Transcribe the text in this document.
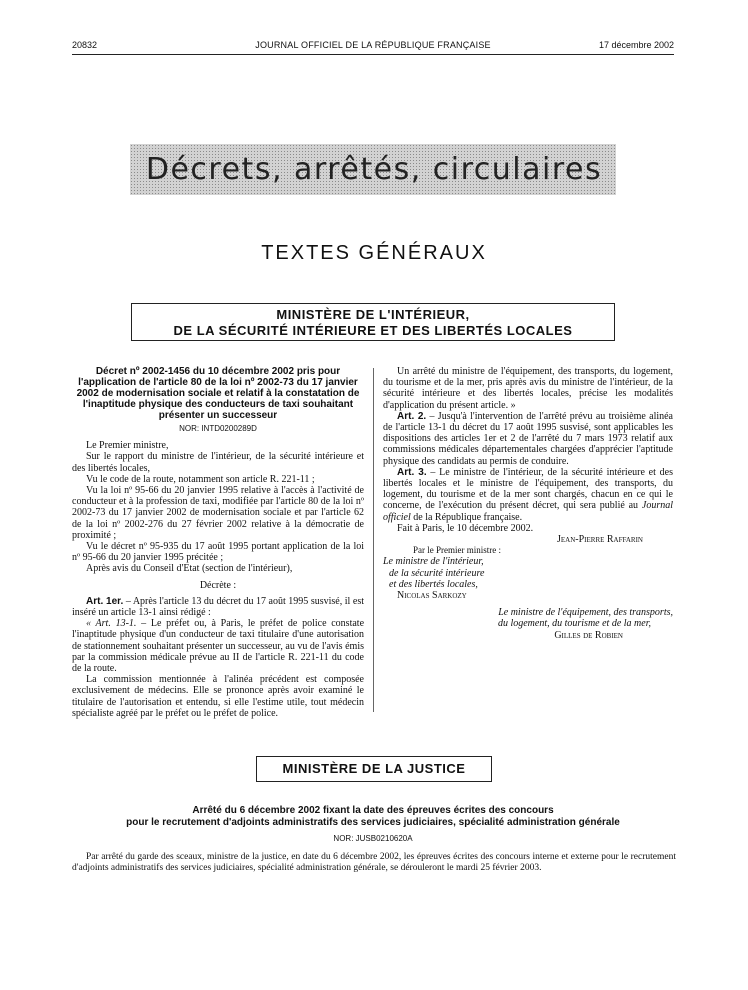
20832	JOURNAL OFFICIEL DE LA RÉPUBLIQUE FRANÇAISE	17 décembre 2002
Décrets, arrêtés, circulaires
TEXTES GÉNÉRAUX
MINISTÈRE DE L'INTÉRIEUR,
DE LA SÉCURITÉ INTÉRIEURE ET DES LIBERTÉS LOCALES

Décret nº 2002-1456 du 10 décembre 2002 pris pour l'application de l'article 80 de la loi nº 2002-73 du 17 janvier 2002 de modernisation sociale et relatif à la constatation de l'inaptitude physique des conducteurs de taxi souhaitant présenter un successeur

NOR: INTD0200289D

Le Premier ministre,

Sur le rapport du ministre de l'intérieur, de la sécurité intérieure et des libertés locales,

Vu le code de la route, notamment son article R. 221-11 ;

Vu la loi nº 95-66 du 20 janvier 1995 relative à l'accès à l'activité de conducteur et à la profession de taxi, modifiée par l'article 80 de la loi nº 2002-73 du 17 janvier 2002 de modernisation sociale et par l'article 62 de la loi nº 2002-276 du 27 février 2002 relative à la démocratie de proximité ;

Vu le décret nº 95-935 du 17 août 1995 portant application de la loi nº 95-66 du 20 janvier 1995 précitée ;

Après avis du Conseil d'Etat (section de l'intérieur),

Décrète :

Art. 1er. – Après l'article 13 du décret du 17 août 1995 susvisé, il est inséré un article 13-1 ainsi rédigé :

« Art. 13-1. – Le préfet ou, à Paris, le préfet de police constate l'inaptitude physique d'un conducteur de taxi titulaire d'une autorisation de stationnement souhaitant présenter un successeur, au vu de l'avis émis par la commission médicale prévue au II de l'article R. 221-11 du code de la route.

La commission mentionnée à l'alinéa précédent est composée exclusivement de médecins. Elle se prononce après avoir examiné le titulaire de l'autorisation et entendu, si elle l'estime utile, tout médecin spécialiste agréé par le préfet ou le préfet de police.

Un arrêté du ministre de l'équipement, des transports, du logement, du tourisme et de la mer, pris après avis du ministre de l'intérieur, de la sécurité intérieure et des libertés locales, précise les modalités d'application du présent article. »

Art. 2. – Jusqu'à l'intervention de l'arrêté prévu au troisième alinéa de l'article 13-1 du décret du 17 août 1995 susvisé, sont applicables les dispositions des articles 1er et 2 de l'arrêté du 7 mars 1973 relatif aux commissions médicales départementales chargées d'apprécier l'aptitude physique des candidats au permis de conduire.

Art. 3. – Le ministre de l'intérieur, de la sécurité intérieure et des libertés locales et le ministre de l'équipement, des transports, du logement, du tourisme et de la mer sont chargés, chacun en ce qui le concerne, de l'exécution du présent décret, qui sera publié au Journal officiel de la République française.

Fait à Paris, le 10 décembre 2002.

Jean-Pierre Raffarin

Par le Premier ministre :

Le ministre de l'intérieur,

de la sécurité intérieure

et des libertés locales,

Nicolas Sarkozy

Le ministre de l'équipement, des transports,

du logement, du tourisme et de la mer,

Gilles de Robien

MINISTÈRE DE LA JUSTICE
Arrêté du 6 décembre 2002 fixant la date des épreuves écrites des concours
pour le recrutement d'adjoints administratifs des services judiciaires, spécialité administration générale
NOR: JUSB0210620A
Par arrêté du garde des sceaux, ministre de la justice, en date du 6 décembre 2002, les épreuves écrites des concours interne et externe pour le recrutement d'adjoints administratifs des services judiciaires, spécialité administration générale, se dérouleront le mardi 25 février 2003.
